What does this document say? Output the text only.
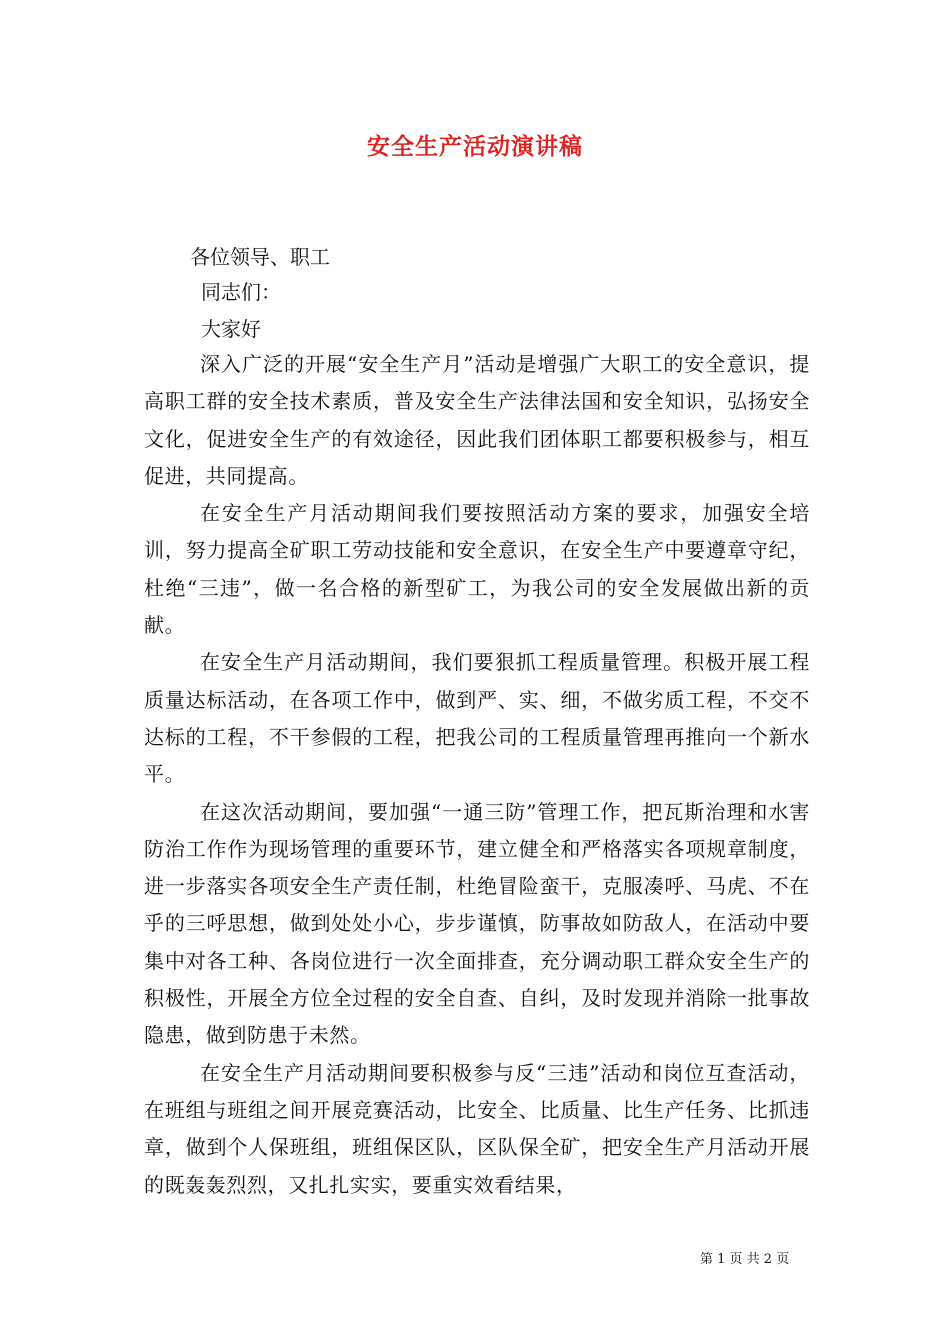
安全生产活动演讲稿
各位领导、职工
同志们：
大家好

深入广泛的开展“安全生产月”活动是增强广大职工的安全意识，提高职工群的安全技术素质，普及安全生产法律法国和安全知识，弘扬安全文化，促进安全生产的有效途径，因此我们团体职工都要积极参与，相互促进，共同提高。

在安全生产月活动期间我们要按照活动方案的要求，加强安全培训，努力提高全矿职工劳动技能和安全意识，在安全生产中要遵章守纪，杜绝“三违”，做一名合格的新型矿工，为我公司的安全发展做出新的贡献。

在安全生产月活动期间，我们要狠抓工程质量管理。积极开展工程质量达标活动，在各项工作中，做到严、实、细，不做劣质工程，不交不达标的工程，不干参假的工程，把我公司的工程质量管理再推向一个新水平。

在这次活动期间，要加强“一通三防”管理工作，把瓦斯治理和水害防治工作作为现场管理的重要环节，建立健全和严格落实各项规章制度，进一步落实各项安全生产责任制，杜绝冒险蛮干，克服凑呼、马虎、不在乎的三呼思想，做到处处小心，步步谨慎，防事故如防敌人，在活动中要集中对各工种、各岗位进行一次全面排查，充分调动职工群众安全生产的积极性，开展全方位全过程的安全自查、自纠，及时发现并消除一批事故隐患，做到防患于未然。

在安全生产月活动期间要积极参与反“三违”活动和岗位互查活动，在班组与班组之间开展竞赛活动，比安全、比质量、比生产任务、比抓违章，做到个人保班组，班组保区队，区队保全矿，把安全生产月活动开展的既轰轰烈烈，又扎扎实实，要重实效看结果，

第 1 页 共 2 页
